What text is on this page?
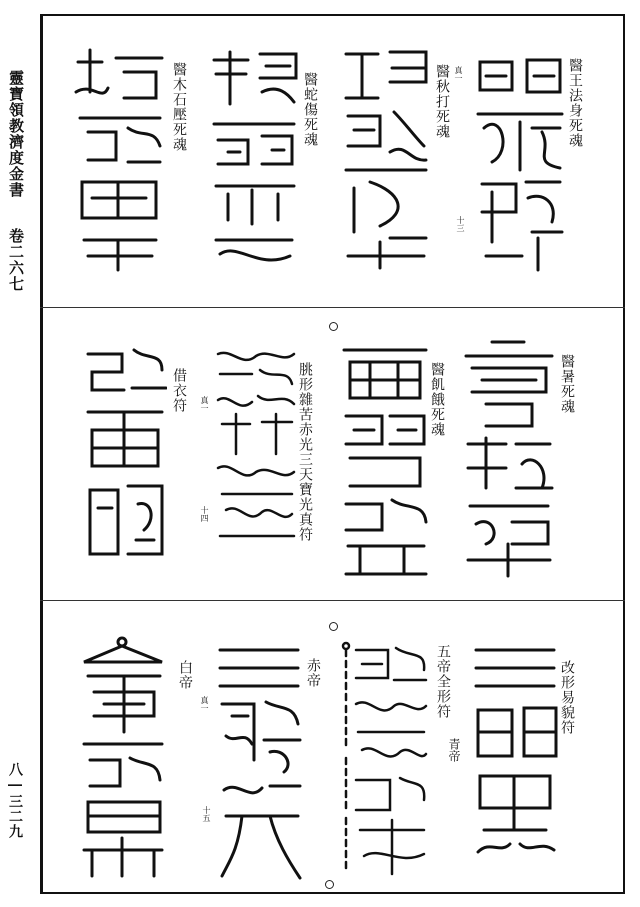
靈寶領教濟度金書
卷二六七
八―三二九
醫王法身死魂
醫秋打死魂 真一
十三
醫蛇傷死魂
醫木石壓死魂
醫暑死魂
醫飢餓死魂
朓形雜苦赤光三天寶光真符
十四
借衣符 真一
改形易貌符
五帝全形符
青帝
赤帝
白帝
真一
十五
